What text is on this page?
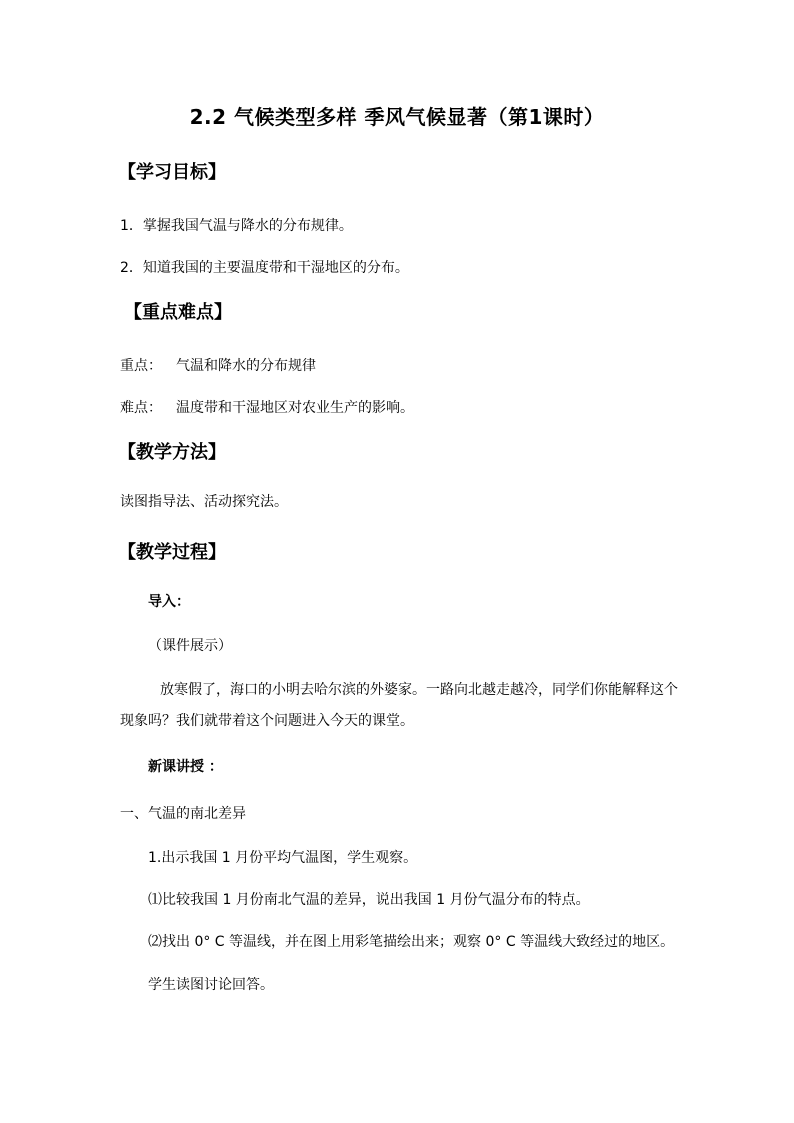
2.2 气候类型多样 季风气候显著（第1课时）
【学习目标】
1．掌握我国气温与降水的分布规律。
2．知道我国的主要温度带和干湿地区的分布。
【重点难点】
重点： 气温和降水的分布规律
难点： 温度带和干湿地区对农业生产的影响。
【教学方法】
读图指导法、活动探究法。
【教学过程】
导入：
（课件展示）
放寒假了，海口的小明去哈尔滨的外婆家。一路向北越走越冷，同学们你能解释这个
现象吗？我们就带着这个问题进入今天的课堂。
新课讲授 ：
一、气温的南北差异
1.出示我国 1 月份平均气温图，学生观察。
⑴比较我国 1 月份南北气温的差异，说出我国 1 月份气温分布的特点。
⑵找出 0° C 等温线，并在图上用彩笔描绘出来；观察 0° C 等温线大致经过的地区。
学生读图讨论回答。
